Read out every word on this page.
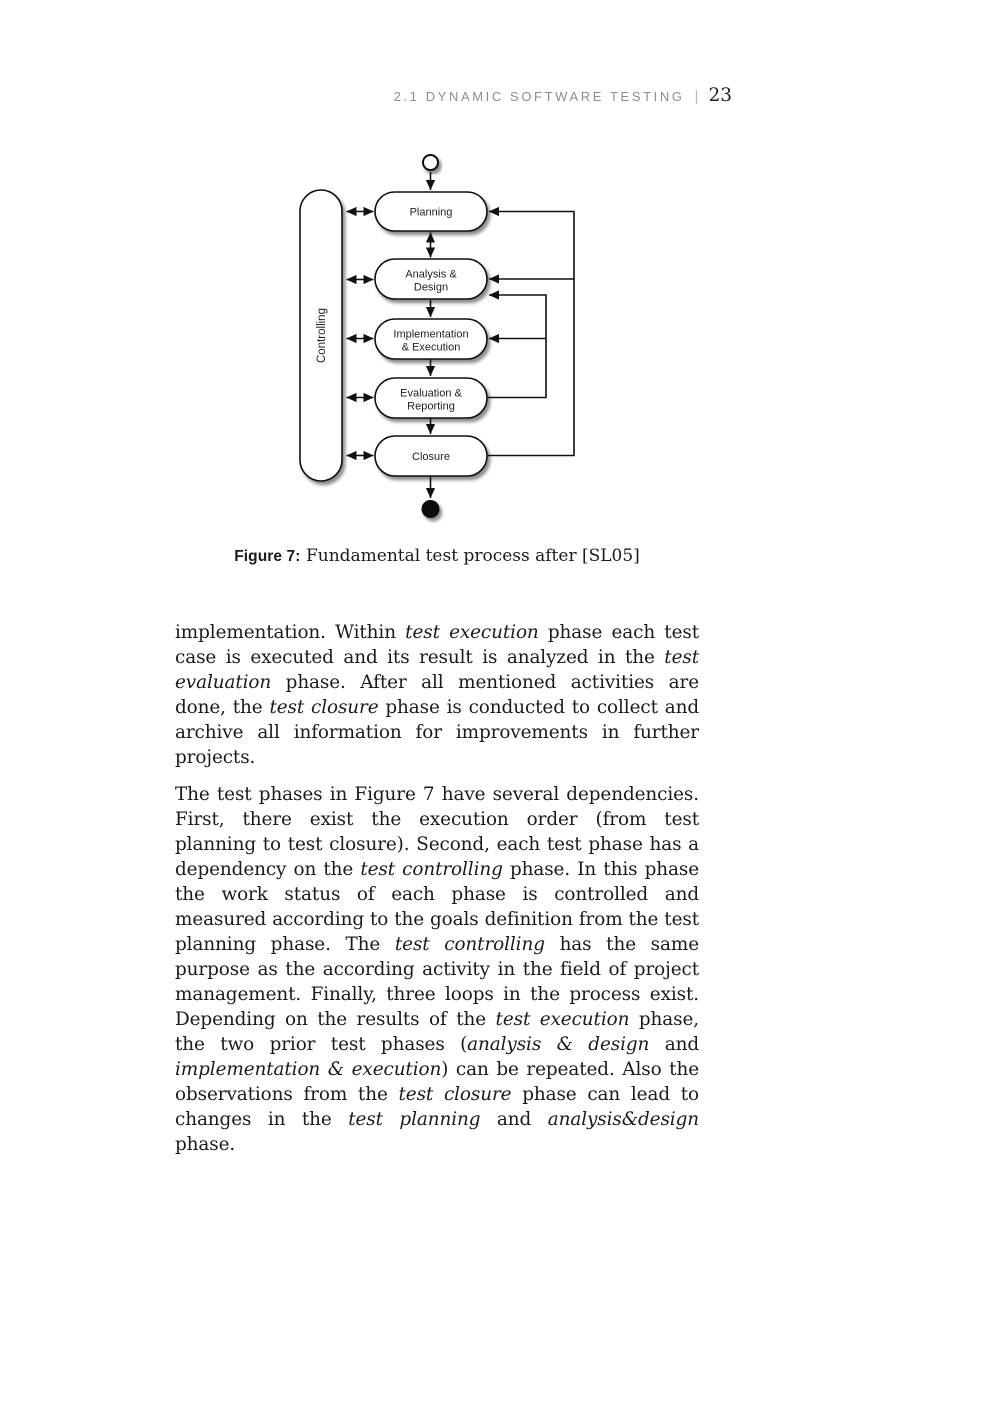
2.1 DYNAMIC SOFTWARE TESTING | 23
Controlling
Planning
Analysis &
Design
Implementation
& Execution
Evaluation &
Reporting
Closure
Figure 7: Fundamental test process after [SL05]

implementation. Within test execution phase each test case is executed and its result is analyzed in the test evaluation phase. After all mentioned activities are done, the test closure phase is conducted to collect and archive all information for improvements in further projects.

The test phases in Figure 7 have several dependencies. First, there exist the execution order (from test planning to test closure). Second, each test phase has a dependency on the test controlling phase. In this phase the work status of each phase is controlled and measured according to the goals definition from the test planning phase. The test controlling has the same purpose as the according activity in the field of project management. Finally, three loops in the process exist. Depending on the results of the test execution phase, the two prior test phases (analysis & design and implementation & execution) can be repeated. Also the observations from the test closure phase can lead to changes in the test planning and analysis&design phase.
